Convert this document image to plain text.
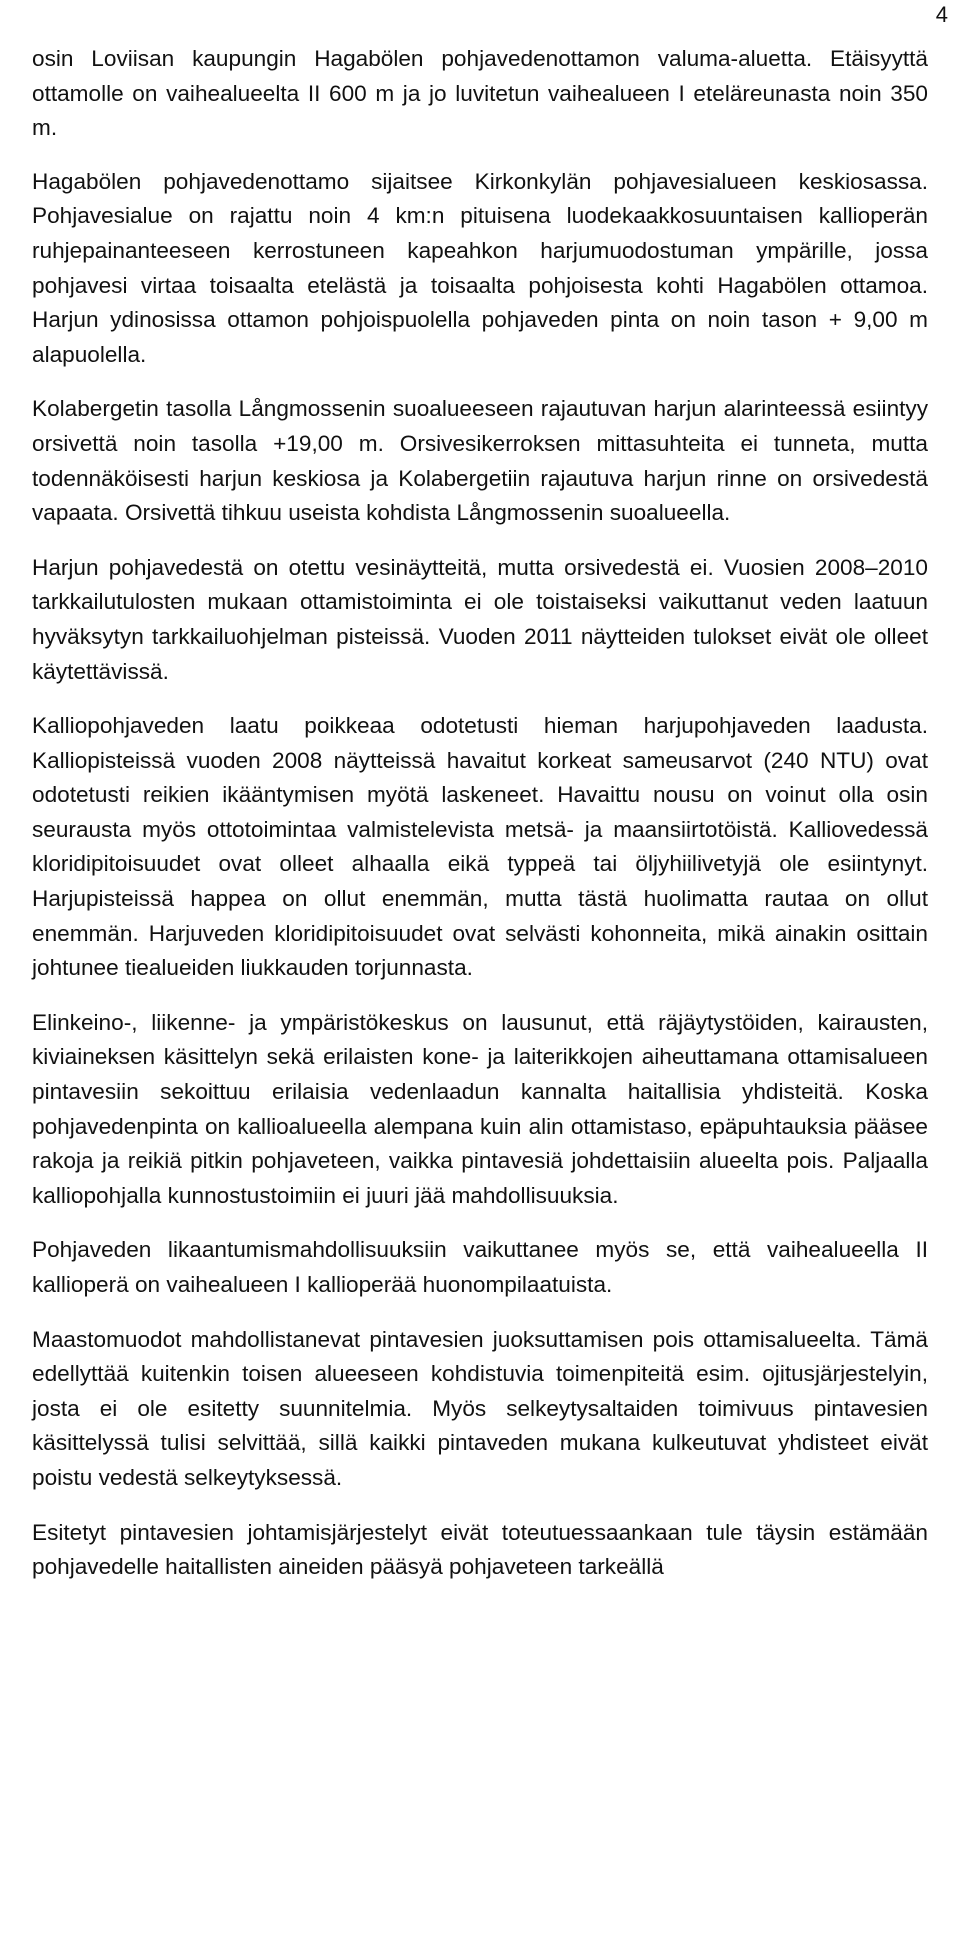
4

osin Loviisan kaupungin Hagabölen pohjavedenottamon valuma-aluetta. Etäisyyttä ottamolle on vaihealueelta II 600 m ja jo luvitetun vaihealueen I eteläreunasta noin 350 m.

Hagabölen pohjavedenottamo sijaitsee Kirkonkylän pohjavesialueen keskiosassa. Pohjavesialue on rajattu noin 4 km:n pituisena luodekaakkosuuntaisen kallioperän ruhjepainanteeseen kerrostuneen kapeahkon harjumuodostuman ympärille, jossa pohjavesi virtaa toisaalta etelästä ja toisaalta pohjoisesta kohti Hagabölen ottamoa. Harjun ydinosissa ottamon pohjoispuolella pohjaveden pinta on noin tason + 9,00 m alapuolella.

Kolabergetin tasolla Långmossenin suoalueeseen rajautuvan harjun alarinteessä esiintyy orsivettä noin tasolla +19,00 m. Orsivesikerroksen mittasuhteita ei tunneta, mutta todennäköisesti harjun keskiosa ja Kolabergetiin rajautuva harjun rinne on orsivedestä vapaata. Orsivettä tihkuu useista kohdista Långmossenin suoalueella.

Harjun pohjavedestä on otettu vesinäytteitä, mutta orsivedestä ei. Vuosien 2008–2010 tarkkailutulosten mukaan ottamistoiminta ei ole toistaiseksi vaikuttanut veden laatuun hyväksytyn tarkkailuohjelman pisteissä. Vuoden 2011 näytteiden tulokset eivät ole olleet käytettävissä.

Kalliopohjaveden laatu poikkeaa odotetusti hieman harjupohjaveden laadusta. Kalliopisteissä vuoden 2008 näytteissä havaitut korkeat sameusarvot (240 NTU) ovat odotetusti reikien ikääntymisen myötä laskeneet. Havaittu nousu on voinut olla osin seurausta myös ottotoimintaa valmistelevista metsä- ja maansiirtotöistä. Kalliovedessä kloridipitoisuudet ovat olleet alhaalla eikä typpeä tai öljyhiilivetyjä ole esiintynyt. Harjupisteissä happea on ollut enemmän, mutta tästä huolimatta rautaa on ollut enemmän. Harjuveden kloridipitoisuudet ovat selvästi kohonneita, mikä ainakin osittain johtunee tiealueiden liukkauden torjunnasta.

Elinkeino-, liikenne- ja ympäristökeskus on lausunut, että räjäytystöiden, kairausten, kiviaineksen käsittelyn sekä erilaisten kone- ja laiterikkojen aiheuttamana ottamisalueen pintavesiin sekoittuu erilaisia vedenlaadun kannalta haitallisia yhdisteitä. Koska pohjavedenpinta on kallioalueella alempana kuin alin ottamistaso, epäpuhtauksia pääsee rakoja ja reikiä pitkin pohjaveteen, vaikka pintavesiä johdettaisiin alueelta pois. Paljaalla kalliopohjalla kunnostustoimiin ei juuri jää mahdollisuuksia.

Pohjaveden likaantumismahdollisuuksiin vaikuttanee myös se, että vaihealueella II kallioperä on vaihealueen I kallioperää huonompilaatuista.

Maastomuodot mahdollistanevat pintavesien juoksuttamisen pois ottamisalueelta. Tämä edellyttää kuitenkin toisen alueeseen kohdistuvia toimenpiteitä esim. ojitusjärjestelyin, josta ei ole esitetty suunnitelmia. Myös selkeytysaltaiden toimivuus pintavesien käsittelyssä tulisi selvittää, sillä kaikki pintaveden mukana kulkeutuvat yhdisteet eivät poistu vedestä selkeytyksessä.

Esitetyt pintavesien johtamisjärjestelyt eivät toteutuessaankaan tule täysin estämään pohjavedelle haitallisten aineiden pääsyä pohjaveteen tarkeällä
